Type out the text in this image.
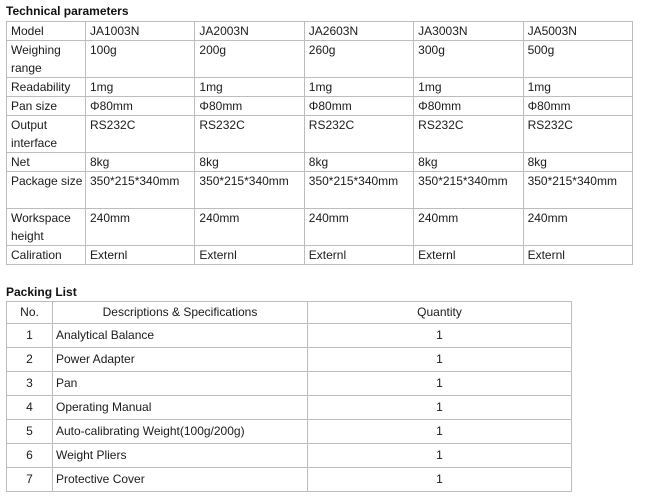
Technical parameters
Model	JA1003N	JA2003N	JA2603N	JA3003N	JA5003N
Weighing range	100g	200g	260g	300g	500g
Readability	1mg	1mg	1mg	1mg	1mg
Pan size	Φ80mm	Φ80mm	Φ80mm	Φ80mm	Φ80mm
Output interface	RS232C	RS232C	RS232C	RS232C	RS232C
Net	8kg	8kg	8kg	8kg	8kg
Package size	350*215*340mm	350*215*340mm	350*215*340mm	350*215*340mm	350*215*340mm
Workspace height	240mm	240mm	240mm	240mm	240mm
Caliration	Externl	Externl	Externl	Externl	Externl
Packing List
No.	Descriptions & Specifications	Quantity
1	Analytical Balance	1
2	Power Adapter	1
3	Pan	1
4	Operating Manual	1
5	Auto-calibrating Weight(100g/200g)	1
6	Weight Pliers	1
7	Protective Cover	1
